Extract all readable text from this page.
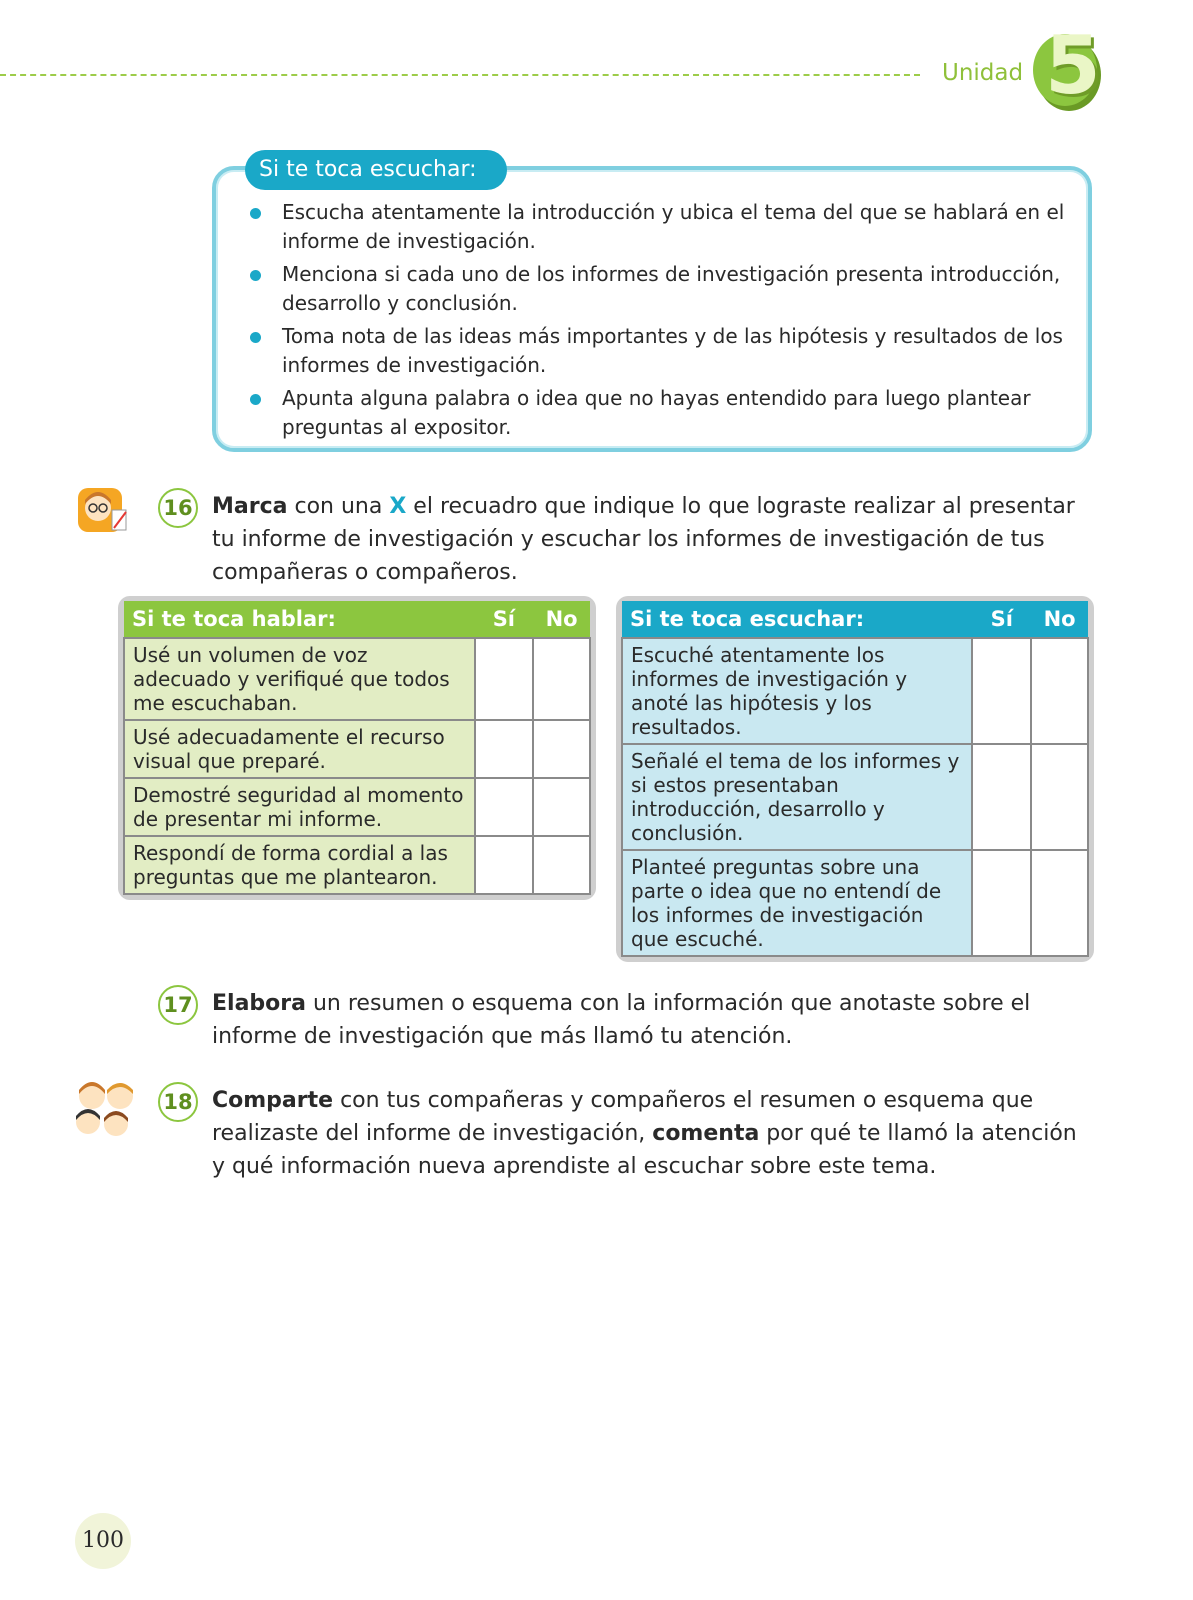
Unidad 5
Si te toca escuchar:
Escucha atentamente la introducción y ubica el tema del que se hablará en el informe de investigación.
Menciona si cada uno de los informes de investigación presenta introducción, desarrollo y conclusión.
Toma nota de las ideas más importantes y de las hipótesis y resultados de los informes de investigación.
Apunta alguna palabra o idea que no hayas entendido para luego plantear preguntas al expositor.
16 Marca con una X el recuadro que indique lo que lograste realizar al presentar tu informe de investigación y escuchar los informes de investigación de tus compañeras o compañeros.
Si te toca hablar:	Sí	No
Usé un volumen de voz adecuado y verifiqué que todos me escuchaban.		
Usé adecuadamente el recurso visual que preparé.		
Demostré seguridad al momento de presentar mi informe.		
Respondí de forma cordial a las preguntas que me plantearon.		
Si te toca escuchar:	Sí	No
Escuché atentamente los informes de investigación y anoté las hipótesis y los resultados.		
Señalé el tema de los informes y si estos presentaban introducción, desarrollo y conclusión.		
Planteé preguntas sobre una parte o idea que no entendí de los informes de investigación que escuché.		
17 Elabora un resumen o esquema con la información que anotaste sobre el informe de investigación que más llamó tu atención.
18 Comparte con tus compañeras y compañeros el resumen o esquema que realizaste del informe de investigación, comenta por qué te llamó la atención y qué información nueva aprendiste al escuchar sobre este tema.
100
